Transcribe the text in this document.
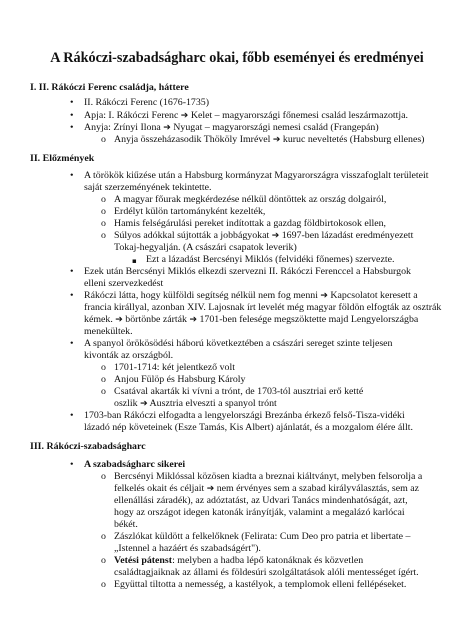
A Rákóczi-szabadságharc okai, főbb eseményei és eredményei
I. II. Rákóczi Ferenc családja, háttere
• II. Rákóczi Ferenc (1676-1735)
• Apja: I. Rákóczi Ferenc ➔ Kelet – magyarországi főnemesi család leszármazottja.
• Anyja: Zrínyi Ilona ➔ Nyugat – magyarországi nemesi család (Frangepán)
o Anyja összeházasodik Thököly Imrével ➔ kuruc neveltetés (Habsburg ellenes)
II. Előzmények
• A törökök kiűzése után a Habsburg kormányzat Magyarországra visszafoglalt területeit
saját szerzeményének tekintette.
o A magyar főurak megkérdezése nélkül döntöttek az ország dolgairól,
o Erdélyt külön tartományként kezelték,
o Hamis felségárulási pereket indítottak a gazdag földbirtokosok ellen,
o Súlyos adókkal sújtották a jobbágyokat ➔ 1697-ben lázadást eredményezett
Tokaj-hegyalján. (A császári csapatok leverik)
▪ Ezt a lázadást Bercsényi Miklós (felvidéki főnemes) szervezte.
• Ezek után Bercsényi Miklós elkezdi szervezni II. Rákóczi Ferenccel a Habsburgok
elleni szervezkedést
• Rákóczi látta, hogy külföldi segítség nélkül nem fog menni ➔ Kapcsolatot keresett a
francia királlyal, azonban XIV. Lajosnak írt levelét még magyar földön elfogták az osztrák
kémek. ➔ börtönbe zárták ➔ 1701-ben felesége megszöktette majd Lengyelországba
menekültek.
• A spanyol örökösödési háború következtében a császári sereget szinte teljesen
kivonták az országból.
o 1701-1714: két jelentkező volt
o Anjou Fülöp és Habsburg Károly
o Csatával akarták ki vívni a trónt, de 1703-tól ausztriai erő ketté
oszlik ➔ Ausztria elveszti a spanyol trónt
• 1703-ban Rákóczi elfogadta a lengyelországi Brezánba érkező felső-Tisza-vidéki
lázadó nép követeinek (Esze Tamás, Kis Albert) ajánlatát, és a mozgalom élére állt.
III. Rákóczi-szabadságharc
• A szabadságharc sikerei
o Bercsényi Miklóssal közösen kiadta a breznai kiáltványt, melyben felsorolja a
felkelés okait és céljait ➔ nem érvényes sem a szabad királyválasztás, sem az
ellenállási záradék), az adóztatást, az Udvari Tanács mindenhatóságát, azt,
hogy az országot idegen katonák irányítják, valamint a megalázó karlócai
békét.
o Zászlókat küldött a felkelőknek (Felirata: Cum Deo pro patria et libertate –
„Istennel a hazáért és szabadságért").
o Vetési pátenst: melyben a hadba lépő katonáknak és közvetlen
családtagjaiknak az állami és földesúri szolgáltatások alóli mentességet ígért.
o Együttal tiltotta a nemesség, a kastélyok, a templomok elleni fellépéseket.
